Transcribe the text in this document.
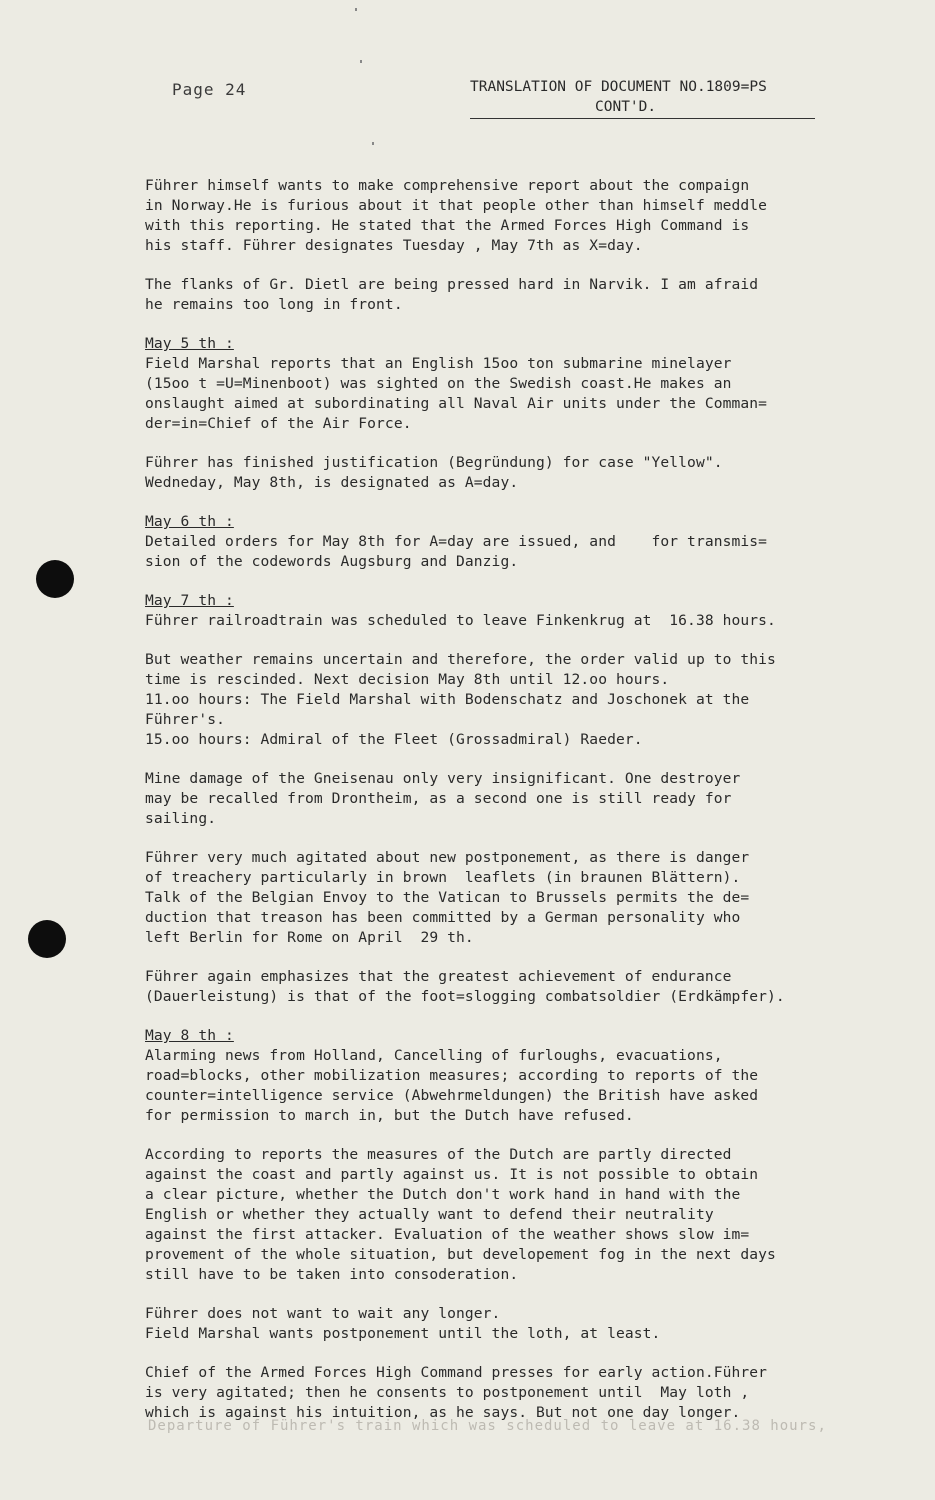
Page 24	TRANSLATION OF DOCUMENT NO.1809=PS
CONT'D.
Führer himself wants to make comprehensive report about the compaign
in Norway.He is furious about it that people other than himself meddle
with this reporting. He stated that the Armed Forces High Command is
his staff. Führer designates Tuesday , May 7th as X=day.
The flanks of Gr. Dietl are being pressed hard in Narvik. I am afraid
he remains too long in front.
May 5 th :
Field Marshal reports that an English 15oo ton submarine minelayer
(15oo t =U=Minenboot) was sighted on the Swedish coast.He makes an
onslaught aimed at subordinating all Naval Air units under the Comman=
der=in=Chief of the Air Force.
Führer has finished justification (Begründung) for case "Yellow".
Wedneday, May 8th, is designated as A=day.
May 6 th :
Detailed orders for May 8th for A=day are issued, and    for transmis=
sion of the codewords Augsburg and Danzig.
May 7 th :
Führer railroadtrain was scheduled to leave Finkenkrug at  16.38 hours.
But weather remains uncertain and therefore, the order valid up to this
time is rescinded. Next decision May 8th until 12.oo hours.
11.oo hours: The Field Marshal with Bodenschatz and Joschonek at the
Führer's.
15.oo hours: Admiral of the Fleet (Grossadmiral) Raeder.
Mine damage of the Gneisenau only very insignificant. One destroyer
may be recalled from Drontheim, as a second one is still ready for
sailing.
Führer very much agitated about new postponement, as there is danger
of treachery particularly in brown  leaflets (in braunen Blättern).
Talk of the Belgian Envoy to the Vatican to Brussels permits the de=
duction that treason has been committed by a German personality who
left Berlin for Rome on April  29 th.
Führer again emphasizes that the greatest achievement of endurance
(Dauerleistung) is that of the foot=slogging combatsoldier (Erdkämpfer).
May 8 th :
Alarming news from Holland, Cancelling of furloughs, evacuations,
road=blocks, other mobilization measures; according to reports of the
counter=intelligence service (Abwehrmeldungen) the British have asked
for permission to march in, but the Dutch have refused.
According to reports the measures of the Dutch are partly directed
against the coast and partly against us. It is not possible to obtain
a clear picture, whether the Dutch don't work hand in hand with the
English or whether they actually want to defend their neutrality
against the first attacker. Evaluation of the weather shows slow im=
provement of the whole situation, but developement fog in the next days
still have to be taken into consoderation.
Führer does not want to wait any longer.
Field Marshal wants postponement until the loth, at least.
Chief of the Armed Forces High Command presses for early action.Führer
is very agitated; then he consents to postponement until  May loth ,
which is against his intuition, as he says. But not one day longer.
Departure of Führer's train which was scheduled to leave at 16.38 hours,
